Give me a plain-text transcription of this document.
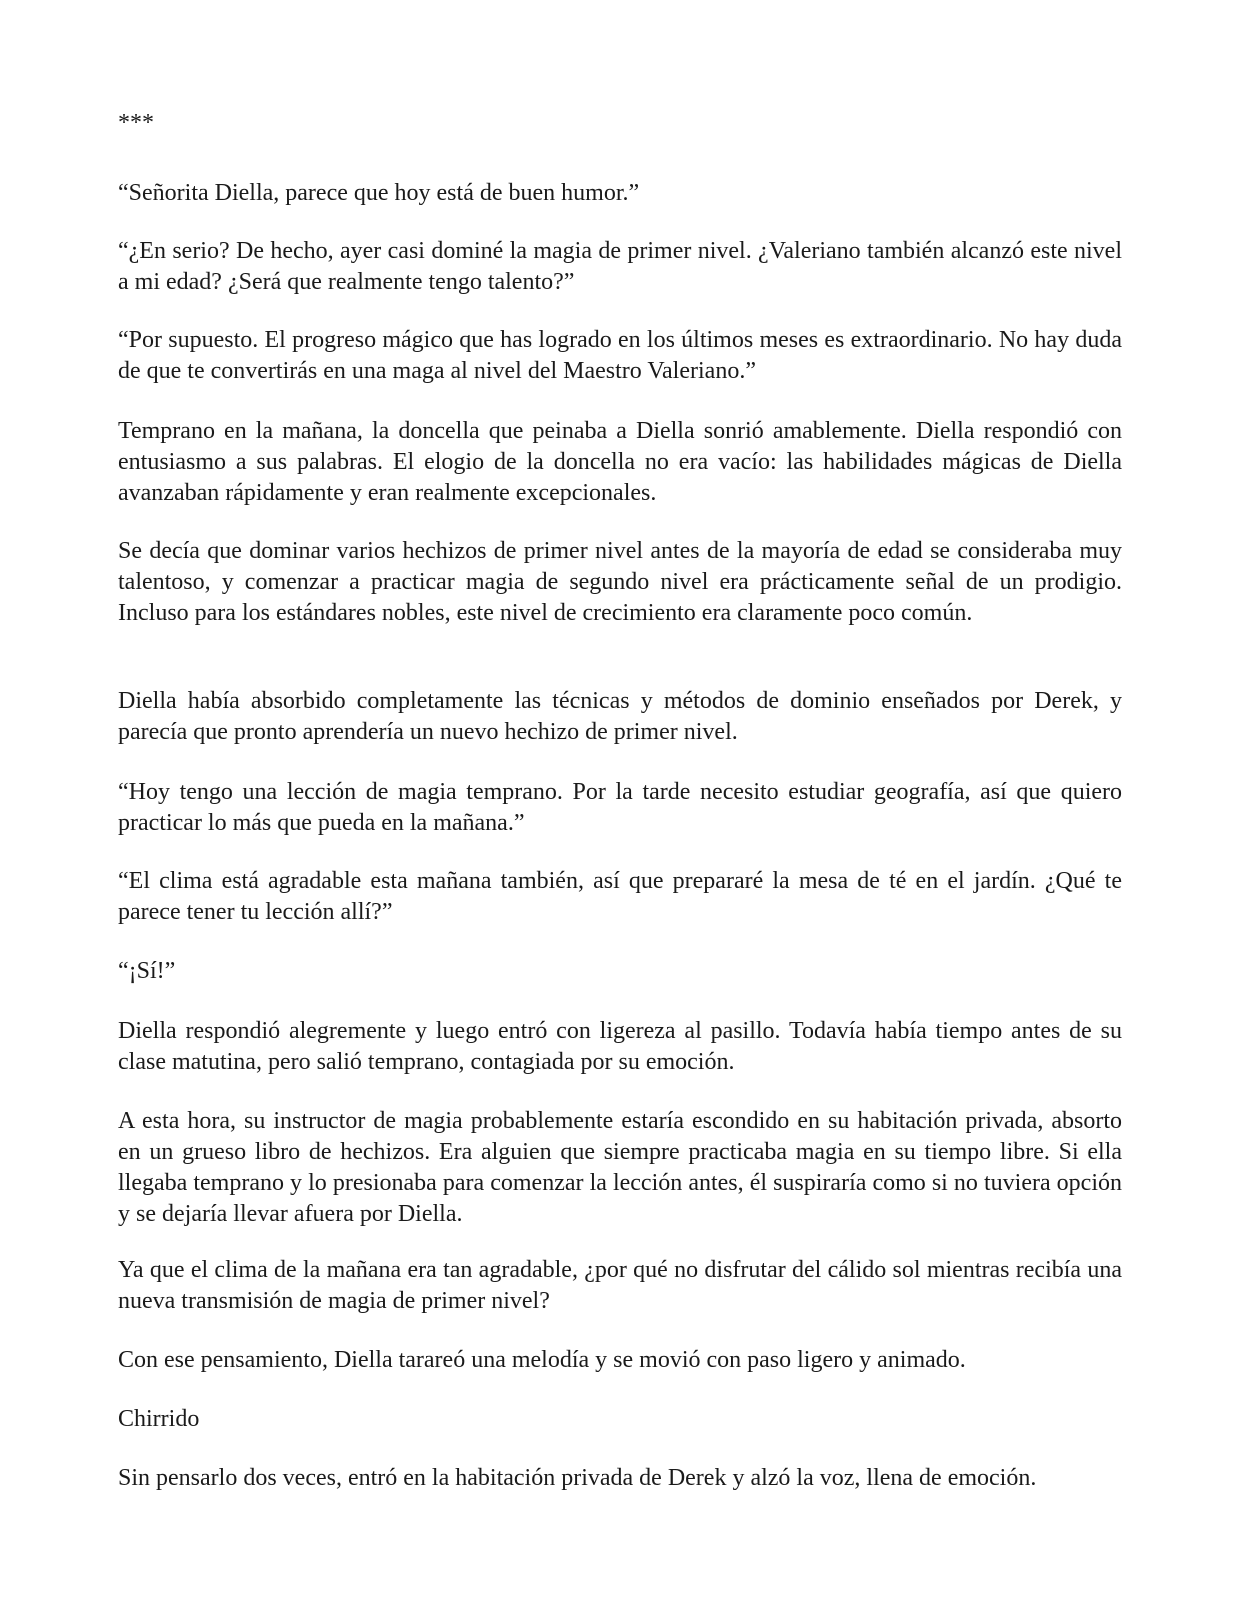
***

“Señorita Diella, parece que hoy está de buen humor.”

“¿En serio? De hecho, ayer casi dominé la magia de primer nivel. ¿Valeriano también alcanzó este nivel a mi edad? ¿Será que realmente tengo talento?”

“Por supuesto. El progreso mágico que has logrado en los últimos meses es extraordinario. No hay duda de que te convertirás en una maga al nivel del Maestro Valeriano.”

Temprano en la mañana, la doncella que peinaba a Diella sonrió amablemente. Diella respondió con entusiasmo a sus palabras. El elogio de la doncella no era vacío: las habilidades mágicas de Diella avanzaban rápidamente y eran realmente excepcionales.

Se decía que dominar varios hechizos de primer nivel antes de la mayoría de edad se consideraba muy talentoso, y comenzar a practicar magia de segundo nivel era prácticamente señal de un prodigio. Incluso para los estándares nobles, este nivel de crecimiento era claramente poco común.

Diella había absorbido completamente las técnicas y métodos de dominio enseñados por Derek, y parecía que pronto aprendería un nuevo hechizo de primer nivel.

“Hoy tengo una lección de magia temprano. Por la tarde necesito estudiar geografía, así que quiero practicar lo más que pueda en la mañana.”

“El clima está agradable esta mañana también, así que prepararé la mesa de té en el jardín. ¿Qué te parece tener tu lección allí?”

“¡Sí!”

Diella respondió alegremente y luego entró con ligereza al pasillo. Todavía había tiempo antes de su clase matutina, pero salió temprano, contagiada por su emoción.

A esta hora, su instructor de magia probablemente estaría escondido en su habitación privada, absorto en un grueso libro de hechizos. Era alguien que siempre practicaba magia en su tiempo libre. Si ella llegaba temprano y lo presionaba para comenzar la lección antes, él suspiraría como si no tuviera opción y se dejaría llevar afuera por Diella.

Ya que el clima de la mañana era tan agradable, ¿por qué no disfrutar del cálido sol mientras recibía una nueva transmisión de magia de primer nivel?

Con ese pensamiento, Diella tarareó una melodía y se movió con paso ligero y animado.

Chirrido

Sin pensarlo dos veces, entró en la habitación privada de Derek y alzó la voz, llena de emoción.
